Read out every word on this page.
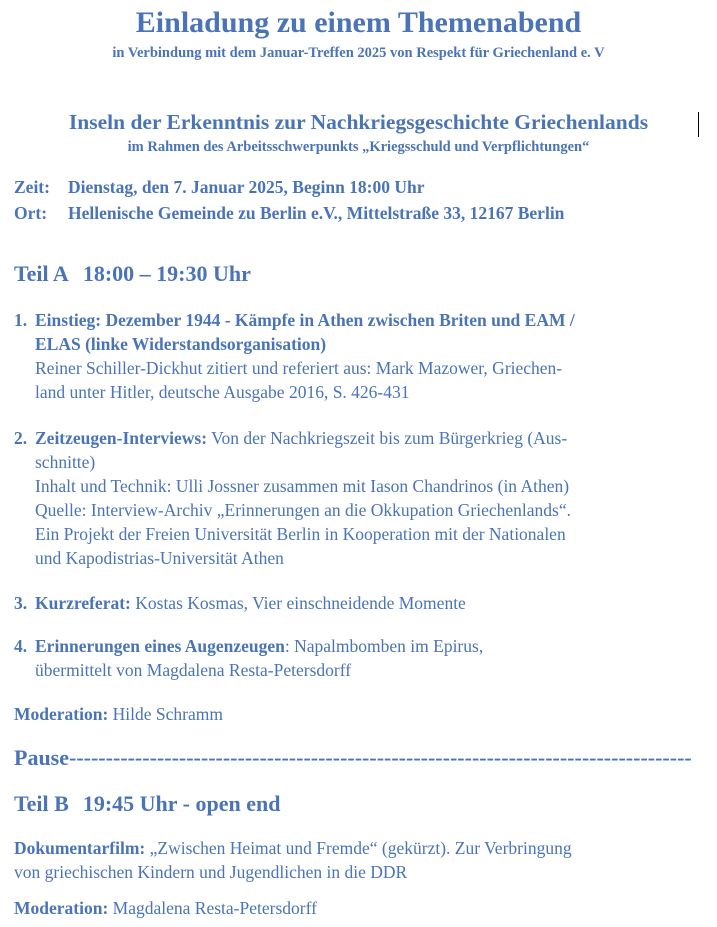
Einladung zu einem Themenabend
in Verbindung mit dem Januar-Treffen 2025 von Respekt für Griechenland e. V
Inseln der Erkenntnis zur Nachkriegsgeschichte Griechenlands
im Rahmen des Arbeitsschwerpunkts „Kriegsschuld und Verpflichtungen“
Zeit: Dienstag, den 7. Januar 2025, Beginn 18:00 Uhr
Ort: Hellenische Gemeinde zu Berlin e.V., Mittelstraße 33, 12167 Berlin
Teil A 18:00 – 19:30 Uhr
1. Einstieg: Dezember 1944 - Kämpfe in Athen zwischen Briten und EAM /
ELAS (linke Widerstandsorganisation)
Reiner Schiller-Dickhut zitiert und referiert aus: Mark Mazower, Griechen-
land unter Hitler, deutsche Ausgabe 2016, S. 426-431
2. Zeitzeugen-Interviews: Von der Nachkriegszeit bis zum Bürgerkrieg (Aus-
schnitte)
Inhalt und Technik: Ulli Jossner zusammen mit Iason Chandrinos (in Athen)
Quelle: Interview-Archiv „Erinnerungen an die Okkupation Griechenlands“.
Ein Projekt der Freien Universität Berlin in Kooperation mit der Nationalen
und Kapodistrias-Universität Athen
3. Kurzreferat: Kostas Kosmas, Vier einschneidende Momente
4. Erinnerungen eines Augenzeugen: Napalmbomben im Epirus,
übermittelt von Magdalena Resta-Petersdorff
Moderation: Hilde Schramm
Pause-------------------------------------------------------------------------------------
Teil B 19:45 Uhr - open end
Dokumentarfilm: „Zwischen Heimat und Fremde“ (gekürzt). Zur Verbringung
von griechischen Kindern und Jugendlichen in die DDR
Moderation: Magdalena Resta-Petersdorff
